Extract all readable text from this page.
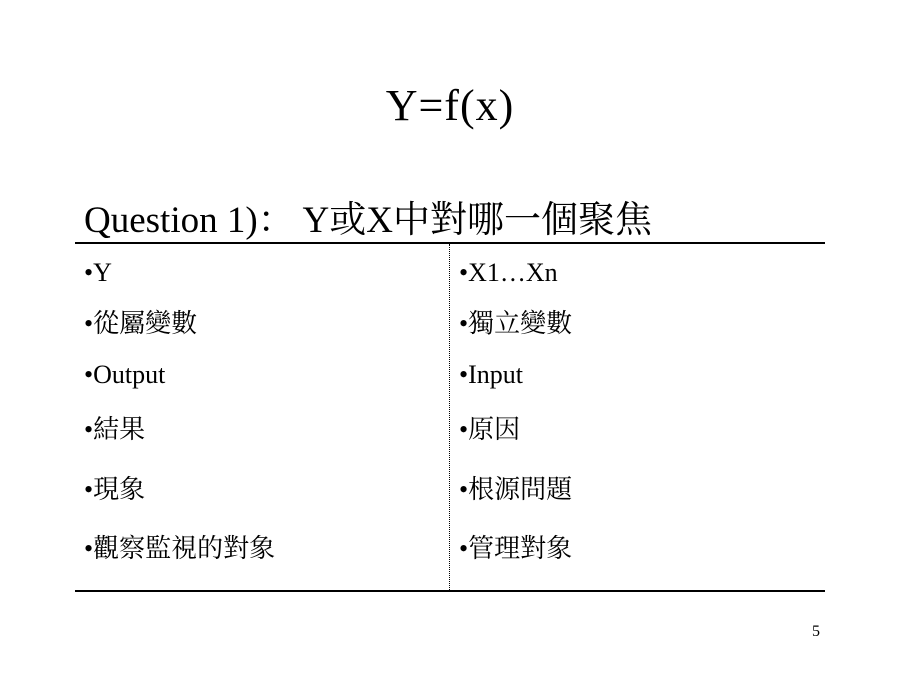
Y=f(x)
Question 1)： Y或X中對哪一個聚焦
•Y
•從屬變數
•Output
•結果
•現象
•觀察監視的對象
•X1…Xn
•獨立變數
•Input
•原因
•根源問題
•管理對象
5
